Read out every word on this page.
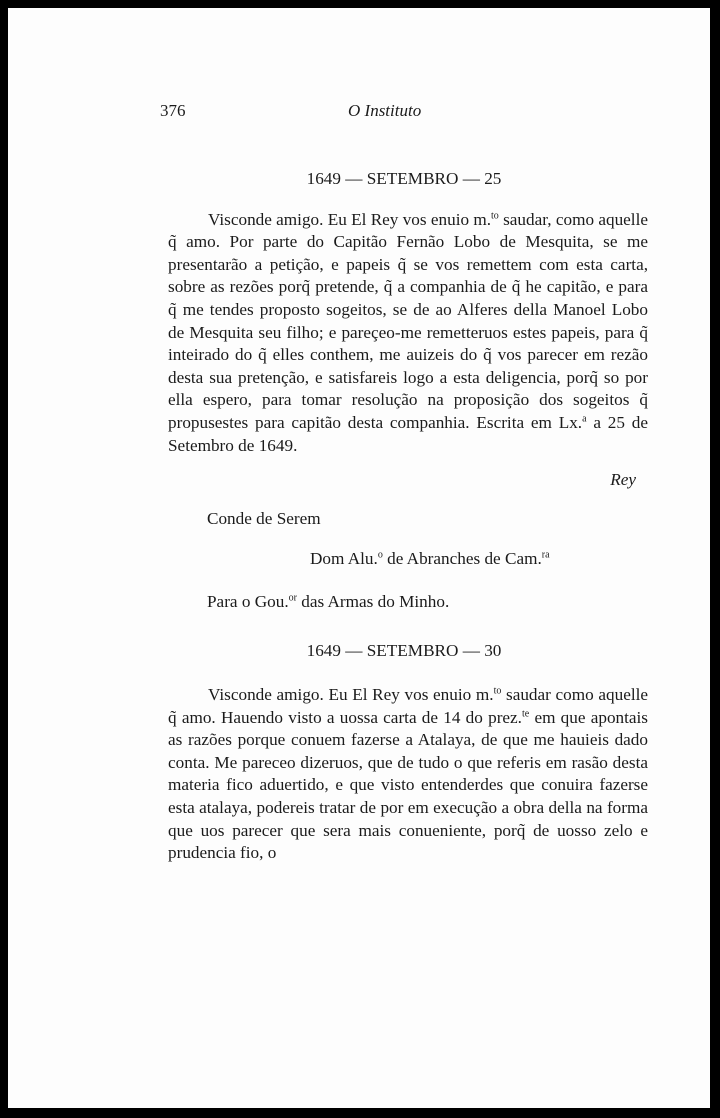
376	O Instituto

1649 — SETEMBRO — 25

Visconde amigo. Eu El Rey vos enuio m.$^{to}$ saudar, como aquelle q̃ amo. Por parte do Capitão Fernão Lobo de Mesquita, se me presentarão a petição, e papeis q̃ se vos remettem com esta carta, sobre as rezões porq̃ pretende, q̃ a companhia de q̃ he capitão, e para q̃ me tendes proposto sogeitos, se de ao Alferes della Manoel Lobo de Mesquita seu filho; e pareçeo-me remetteruos estes papeis, para q̃ inteirado do q̃ elles conthem, me auizeis do q̃ vos parecer em rezão desta sua pretenção, e satisfareis logo a esta deligencia, porq̃ so por ella espero, para tomar resolução na proposição dos sogeitos q̃ propusestes para capitão desta companhia. Escrita em Lx.$^a$ a 25 de Setembro de 1649.

Rey

Conde de Serem

Dom Alu.$^o$ de Abranches de Cam.$^{ra}$

Para o Gou.$^{or}$ das Armas do Minho.

1649 — SETEMBRO — 30

Visconde amigo. Eu El Rey vos enuio m.$^{to}$ saudar como aquelle q̃ amo. Hauendo visto a uossa carta de 14 do prez.$^{te}$ em que apontais as razões porque conuem fazerse a Atalaya, de que me hauieis dado conta. Me pareceo dizeruos, que de tudo o que referis em rasão desta materia fico aduertido, e que visto entenderdes que conuira fazerse esta atalaya, podereis tratar de por em execução a obra della na forma que uos parecer que sera mais conueniente, porq̃ de uosso zelo e prudencia fio, o
